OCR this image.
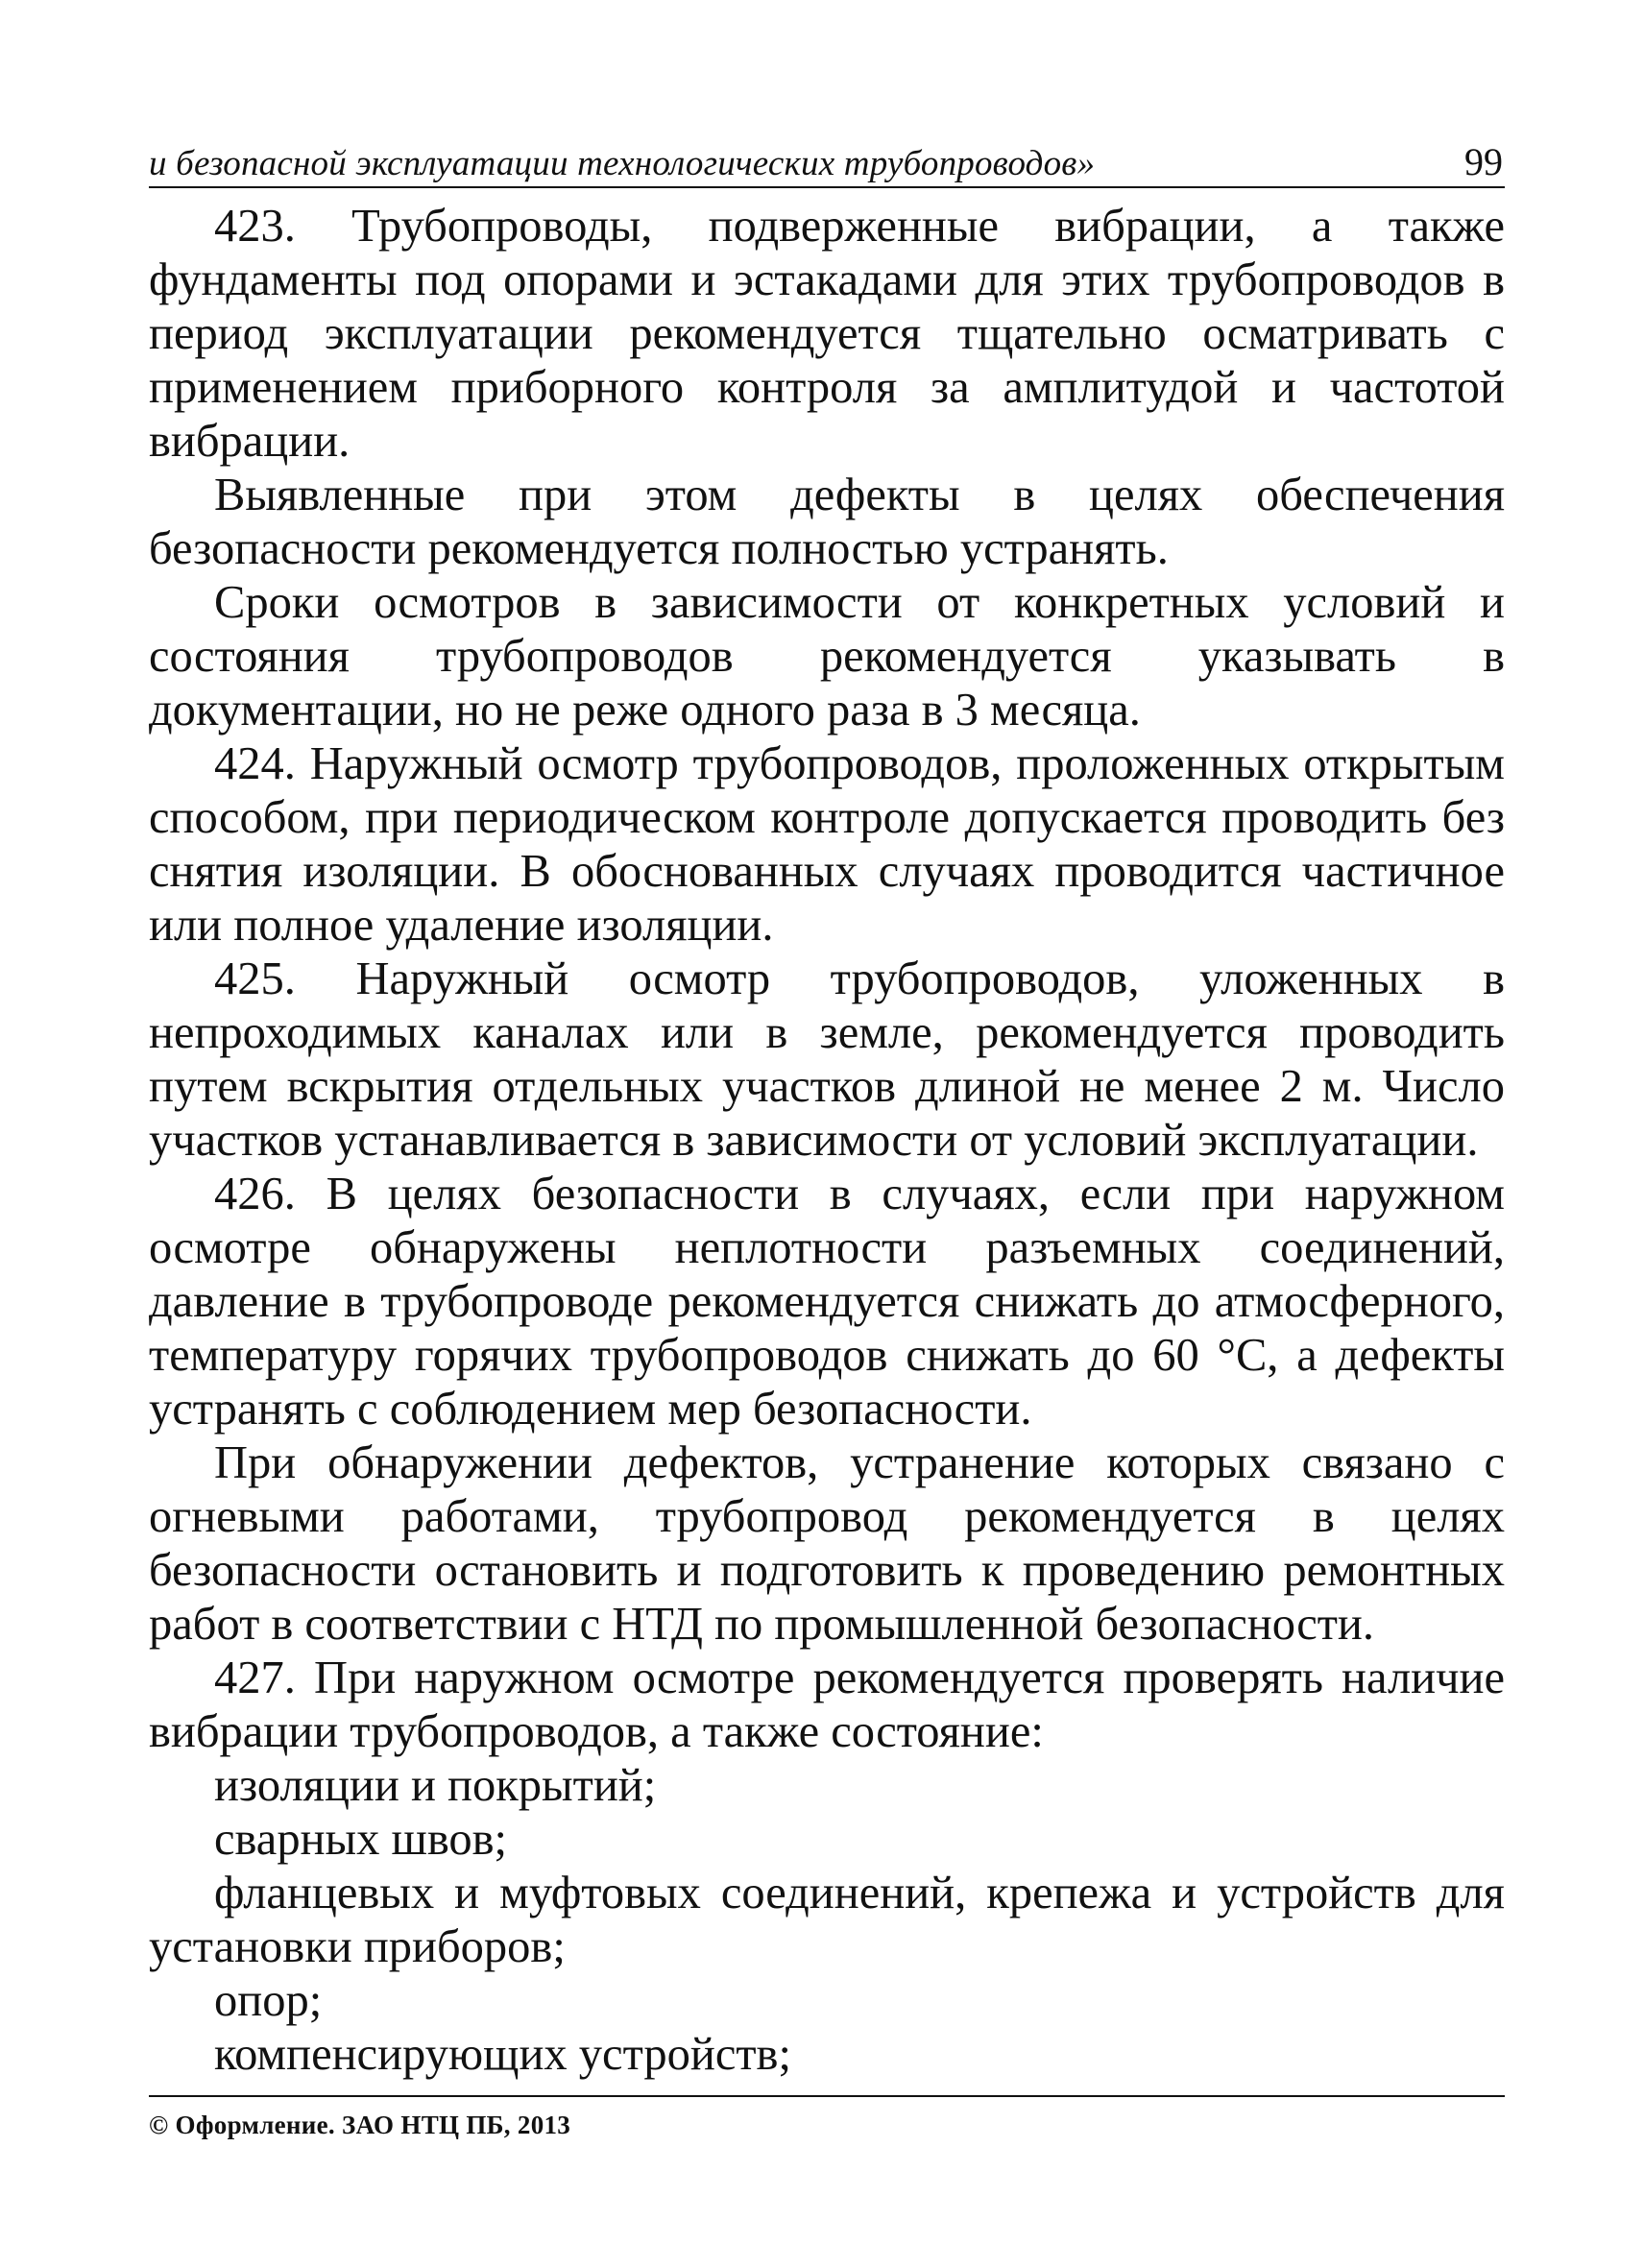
и безопасной эксплуатации технологических трубопроводов»	99

423. Трубопроводы, подверженные вибрации, а также фундаменты под опорами и эстакадами для этих трубопроводов в период эксплуатации рекомендуется тщательно осматривать с применением приборного контроля за амплитудой и частотой вибрации.

Выявленные при этом дефекты в целях обеспечения безопасности рекомендуется полностью устранять.

Сроки осмотров в зависимости от конкретных условий и состояния трубопроводов рекомендуется указывать в документации, но не реже одного раза в 3 месяца.

424. Наружный осмотр трубопроводов, проложенных открытым способом, при периодическом контроле допускается проводить без снятия изоляции. В обоснованных случаях проводится частичное или полное удаление изоляции.

425. Наружный осмотр трубопроводов, уложенных в непроходимых каналах или в земле, рекомендуется проводить путем вскрытия отдельных участков длиной не менее 2 м. Число участков устанавливается в зависимости от условий эксплуатации.

426. В целях безопасности в случаях, если при наружном осмотре обнаружены неплотности разъемных соединений, давление в трубопроводе рекомендуется снижать до атмосферного, температуру горячих трубопроводов снижать до 60 °С, а дефекты устранять с соблюдением мер безопасности.

При обнаружении дефектов, устранение которых связано с огневыми работами, трубопровод рекомендуется в целях безопасности остановить и подготовить к проведению ремонтных работ в соответствии с НТД по промышленной безопасности.

427. При наружном осмотре рекомендуется проверять наличие вибрации трубопроводов, а также состояние:

изоляции и покрытий;

сварных швов;

фланцевых и муфтовых соединений, крепежа и устройств для установки приборов;

опор;

компенсирующих устройств;

© Оформление. ЗАО НТЦ ПБ, 2013
